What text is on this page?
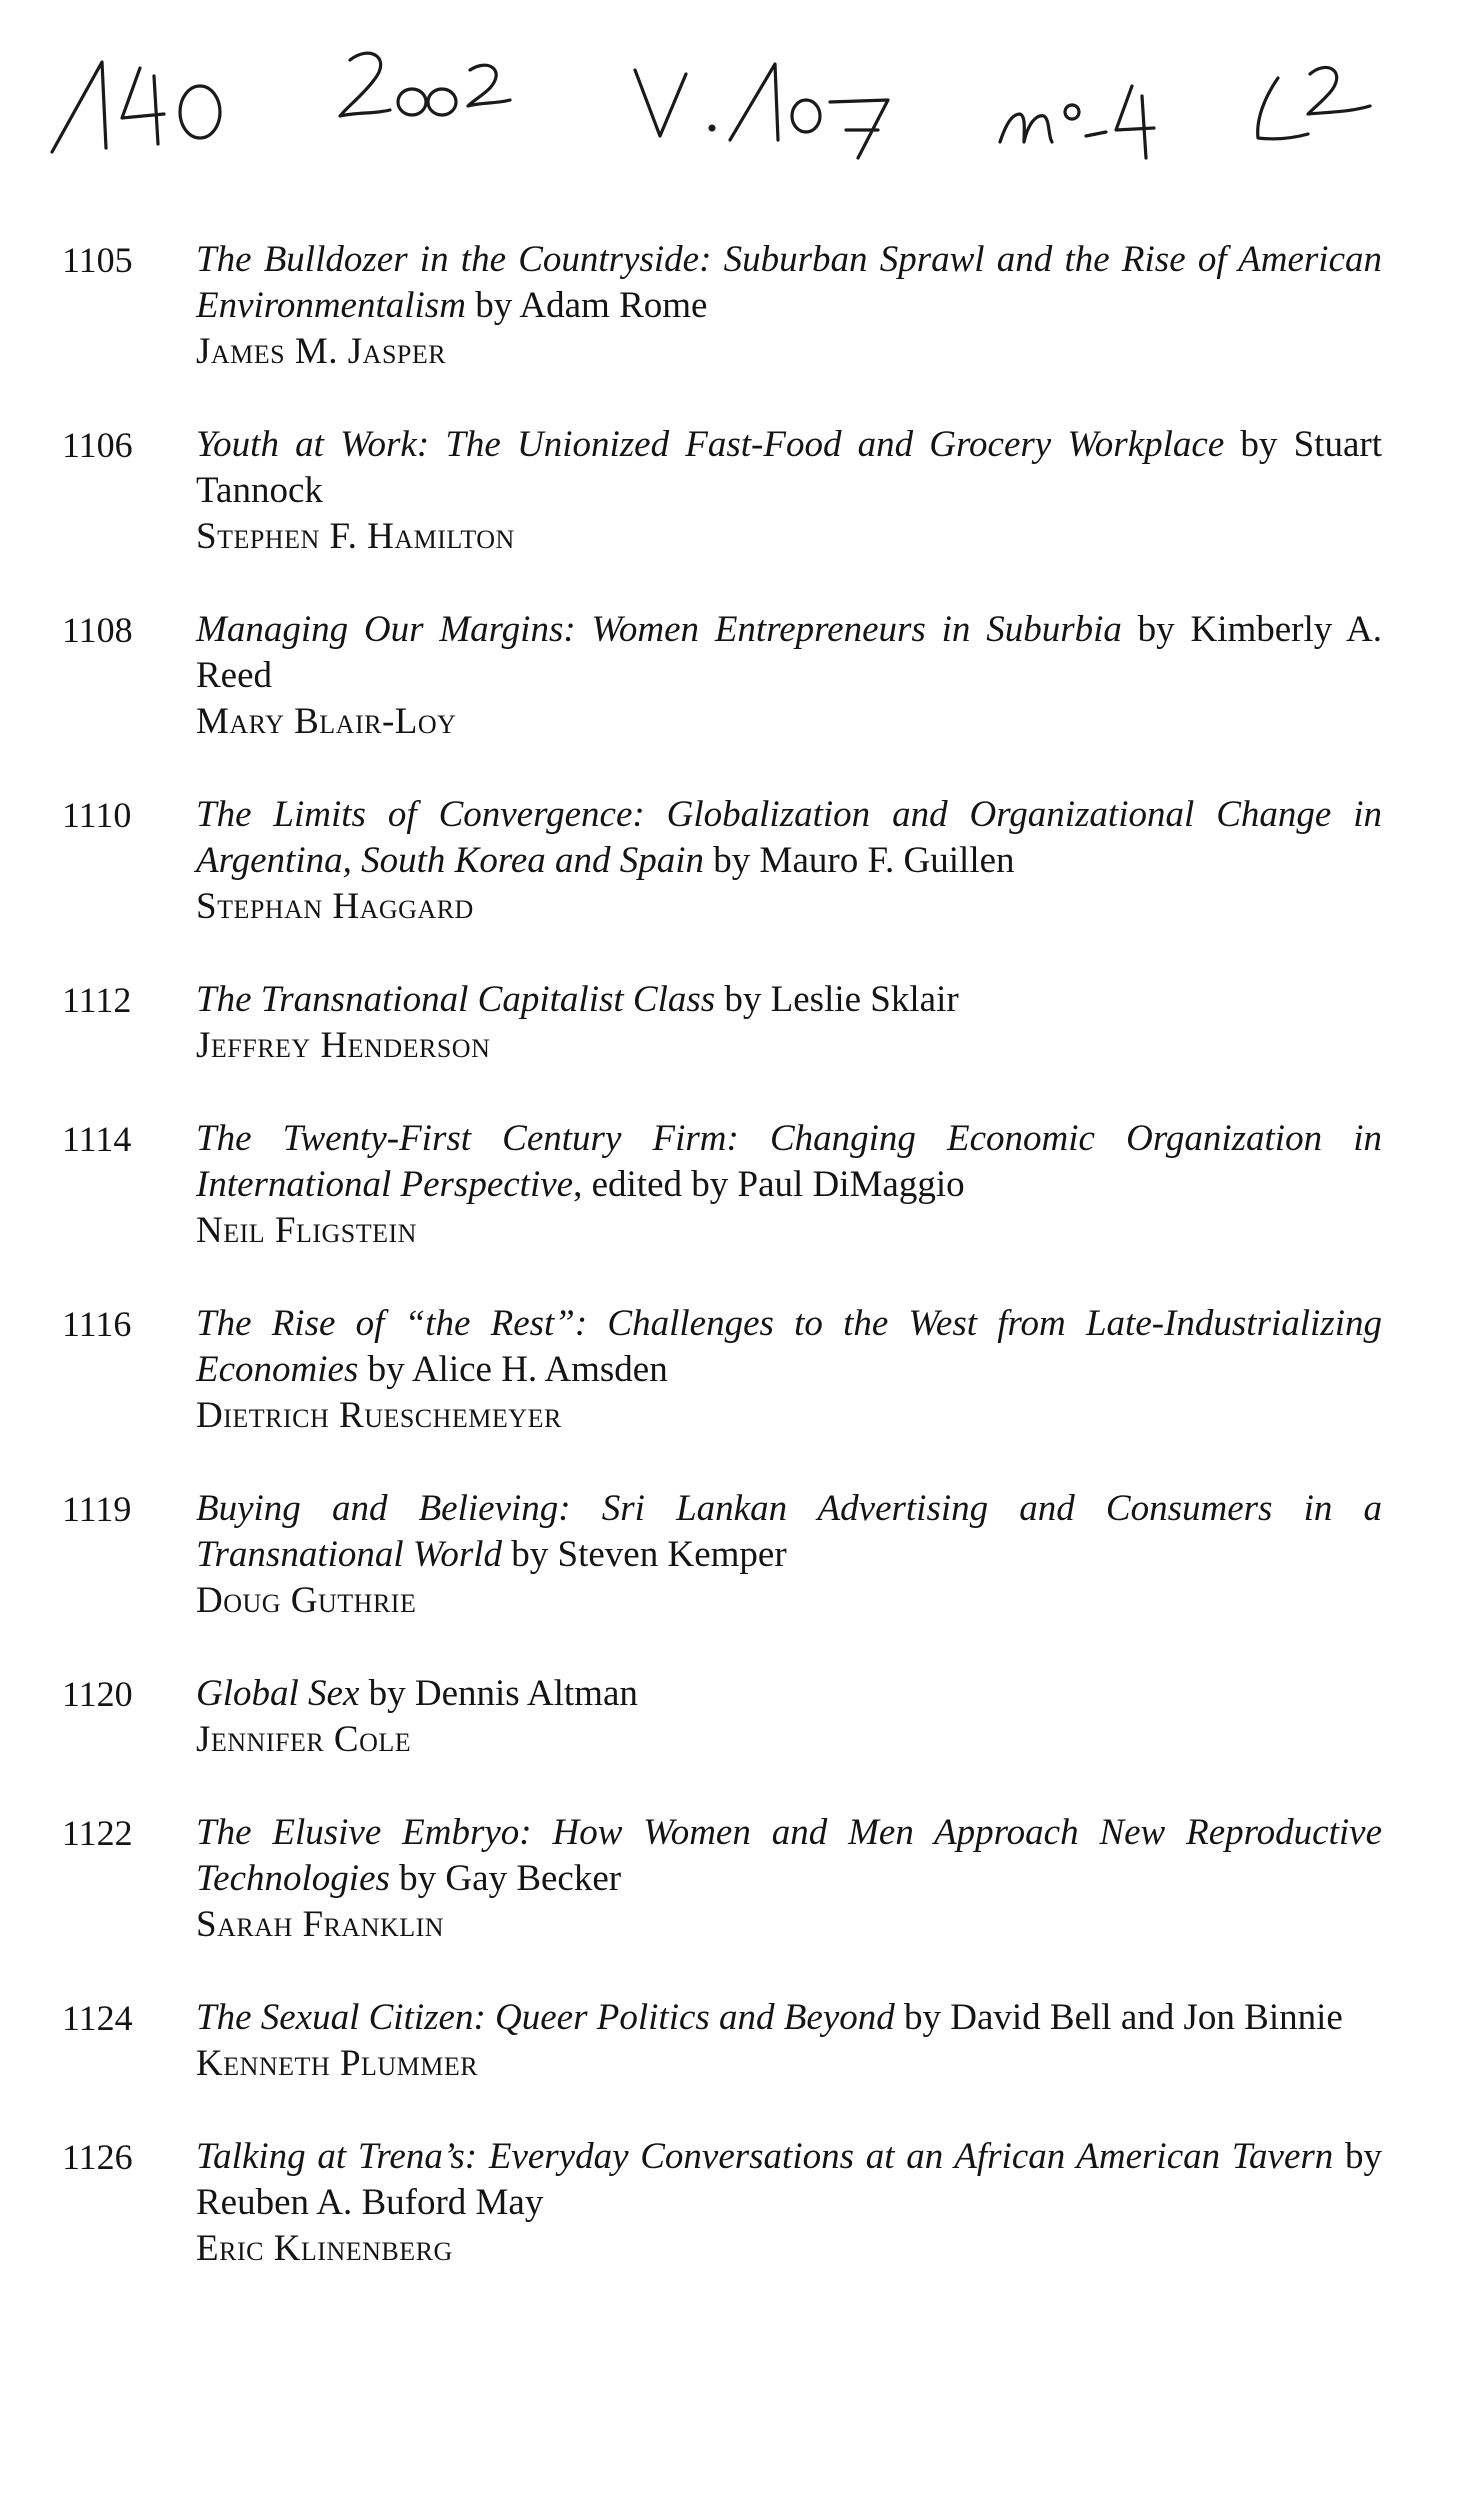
1105	The Bulldozer in the Countryside: Suburban Sprawl and the Rise of American Environmentalism by Adam Rome
James M. Jasper
1106	Youth at Work: The Unionized Fast-Food and Grocery Workplace by Stuart Tannock
Stephen F. Hamilton
1108	Managing Our Margins: Women Entrepreneurs in Suburbia by Kimberly A. Reed
Mary Blair-Loy
1110	The Limits of Convergence: Globalization and Organizational Change in Argentina, South Korea and Spain by Mauro F. Guillen
Stephan Haggard
1112	The Transnational Capitalist Class by Leslie Sklair
Jeffrey Henderson
1114	The Twenty-First Century Firm: Changing Economic Organization in International Perspective, edited by Paul DiMaggio
Neil Fligstein
1116	The Rise of “the Rest”: Challenges to the West from Late-Industrializing Economies by Alice H. Amsden
Dietrich Rueschemeyer
1119	Buying and Believing: Sri Lankan Advertising and Consumers in a Transnational World by Steven Kemper
Doug Guthrie
1120	Global Sex by Dennis Altman
Jennifer Cole
1122	The Elusive Embryo: How Women and Men Approach New Reproductive Technologies by Gay Becker
Sarah Franklin
1124	The Sexual Citizen: Queer Politics and Beyond by David Bell and Jon Binnie
Kenneth Plummer
1126	Talking at Trena’s: Everyday Conversations at an African American Tavern by Reuben A. Buford May
Eric Klinenberg
